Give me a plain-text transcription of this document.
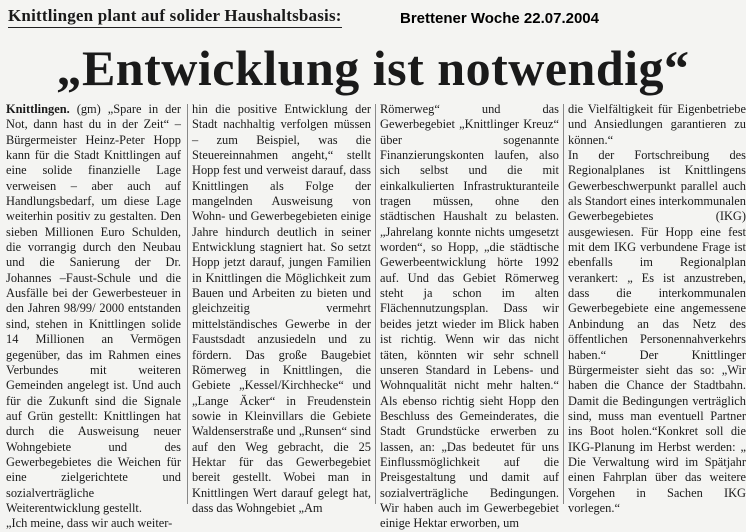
Knittlingen plant auf solider Haushaltsbasis:	Brettener Woche 22.07.2004
„Entwicklung ist notwendig“

Knittlingen. (gm) „Spare in der Not, dann hast du in der Zeit“ – Bürgermeister Heinz-Peter Hopp kann für die Stadt Knittlingen auf eine solide finanzielle Lage verweisen – aber auch auf Handlungsbedarf, um diese Lage weiterhin positiv zu gestalten. Den sieben Millionen Euro Schulden, die vorrangig durch den Neubau und die Sanierung der Dr. Johannes –Faust-Schule und die Ausfälle bei der Gewerbesteuer in den Jahren 98/99/ 2000 entstanden sind, stehen in Knittlingen solide 14 Millionen an Vermögen gegenüber, das im Rahmen eines Verbundes mit weiteren Gemeinden angelegt ist. Und auch für die Zukunft sind die Signale auf Grün gestellt: Knittlingen hat durch die Ausweisung neuer Wohngebiete und des Gewerbegebietes die Weichen für eine zielgerichtete und sozialverträgliche Weiterentwicklung gestellt.

„Ich meine, dass wir auch weiter-

hin die positive Entwicklung der Stadt nachhaltig verfolgen müssen – zum Beispiel, was die Steuereinnahmen angeht,“ stellt Hopp fest und verweist darauf, dass Knittlingen als Folge der mangelnden Ausweisung von Wohn- und Gewerbegebieten einige Jahre hindurch deutlich in seiner Entwicklung stagniert hat. So setzt Hopp jetzt darauf, jungen Familien in Knittlingen die Möglichkeit zum Bauen und Arbeiten zu bieten und gleichzeitig vermehrt mittelständisches Gewerbe in der Faustsdadt anzusiedeln und zu fördern. Das große Baugebiet Römerweg in Knittlingen, die Gebiete „Kessel/Kirchhecke“ und „Lange Äcker“ in Freudenstein sowie in Kleinvillars die Gebiete Waldenserstraße und „Runsen“ sind auf den Weg gebracht, die 25 Hektar für das Gewerbegebiet bereit gestellt. Wobei man in Knittlingen Wert darauf gelegt hat, dass das Wohngebiet „Am

Römerweg“ und das Gewerbegebiet „Knittlinger Kreuz“ über sogenannte Finanzierungskonten laufen, also sich selbst und die mit einkalkulierten Infrastrukturanteile tragen müssen, ohne den städtischen Haushalt zu belasten. „Jahrelang konnte nichts umgesetzt worden“, so Hopp, „die städtische Gewerbeentwicklung hörte 1992 auf. Und das Gebiet Römerweg steht ja schon im alten Flächennutzungsplan. Dass wir beides jetzt wieder im Blick haben ist richtig. Wenn wir das nicht täten, könnten wir sehr schnell unseren Standard in Lebens- und Wohnqualität nicht mehr halten.“ Als ebenso richtig sieht Hopp den Beschluss des Gemeinderates, die Stadt Grundstücke erwerben zu lassen, an: „Das bedeutet für uns Einflussmöglichkeit auf die Preisgestaltung und damit auf sozialverträgliche Bedingungen. Wir haben auch im Gewerbegebiet einige Hektar erworben, um

die Vielfältigkeit für Eigenbetriebe und Ansiedlungen garantieren zu können.“

In der Fortschreibung des Regionalplanes ist Knittlingens Gewerbeschwerpunkt parallel auch als Standort eines interkommunalen Gewerbegebietes (IKG) ausgewiesen. Für Hopp eine fest mit dem IKG verbundene Frage ist ebenfalls im Regionalplan verankert: „ Es ist anzustreben, dass die interkommunalen Gewerbegebiete eine angemessene Anbindung an das Netz des öffentlichen Personennahverkehrs haben.“ Der Knittlinger Bürgermeister sieht das so: „Wir haben die Chance der Stadtbahn. Damit die Bedingungen verträglich sind, muss man eventuell Partner ins Boot holen.“Konkret soll die IKG-Planung im Herbst werden: „ Die Verwaltung wird im Spätjahr einen Fahrplan über das weitere Vorgehen in Sachen IKG vorlegen.“
